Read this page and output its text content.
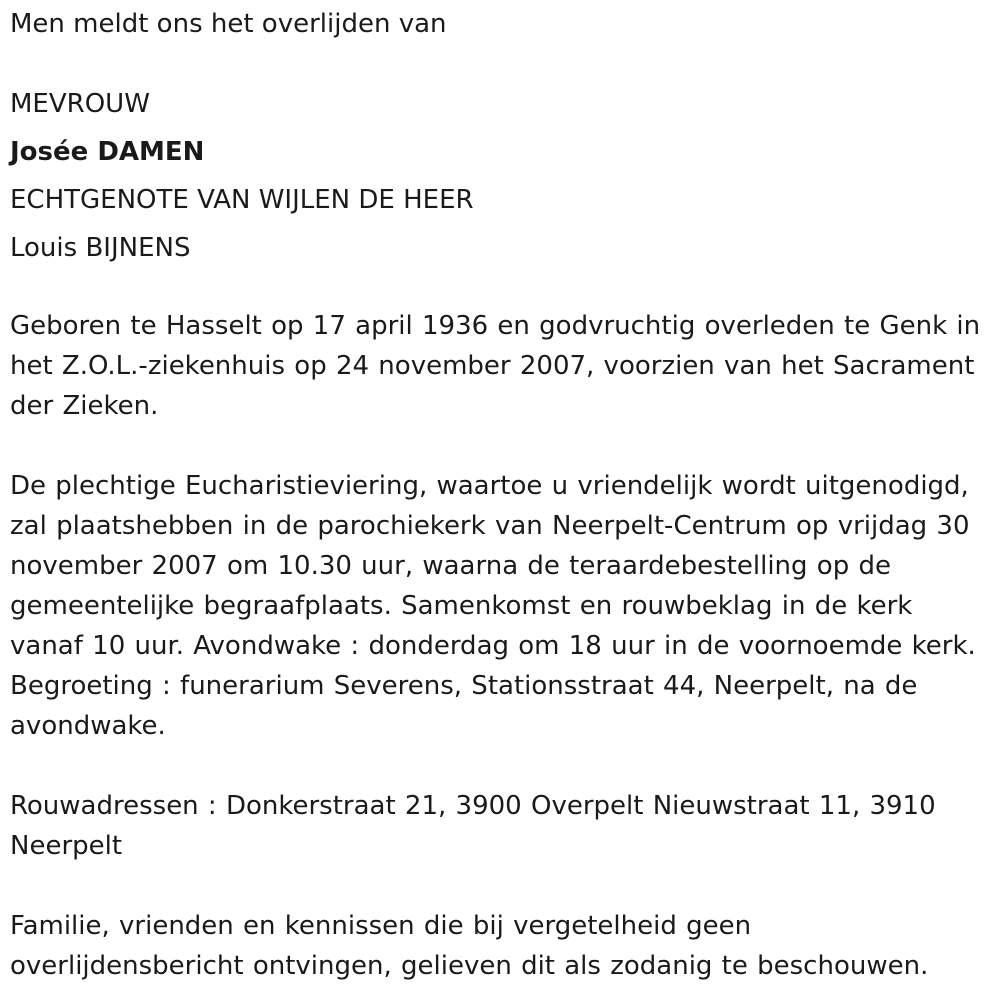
Men meldt ons het overlijden van
MEVROUW
Josée DAMEN
ECHTGENOTE VAN WIJLEN DE HEER
Louis BIJNENS
Geboren te Hasselt op 17 april 1936 en godvruchtig overleden te Genk in
het Z.O.L.-ziekenhuis op 24 november 2007, voorzien van het Sacrament
der Zieken.
De plechtige Eucharistieviering, waartoe u vriendelijk wordt uitgenodigd,
zal plaatshebben in de parochiekerk van Neerpelt-Centrum op vrijdag 30
november 2007 om 10.30 uur, waarna de teraardebestelling op de
gemeentelijke begraafplaats. Samenkomst en rouwbeklag in de kerk
vanaf 10 uur. Avondwake : donderdag om 18 uur in de voornoemde kerk.
Begroeting : funerarium Severens, Stationsstraat 44, Neerpelt, na de
avondwake.
Rouwadressen : Donkerstraat 21, 3900 Overpelt Nieuwstraat 11, 3910
Neerpelt
Familie, vrienden en kennissen die bij vergetelheid geen
overlijdensbericht ontvingen, gelieven dit als zodanig te beschouwen.
